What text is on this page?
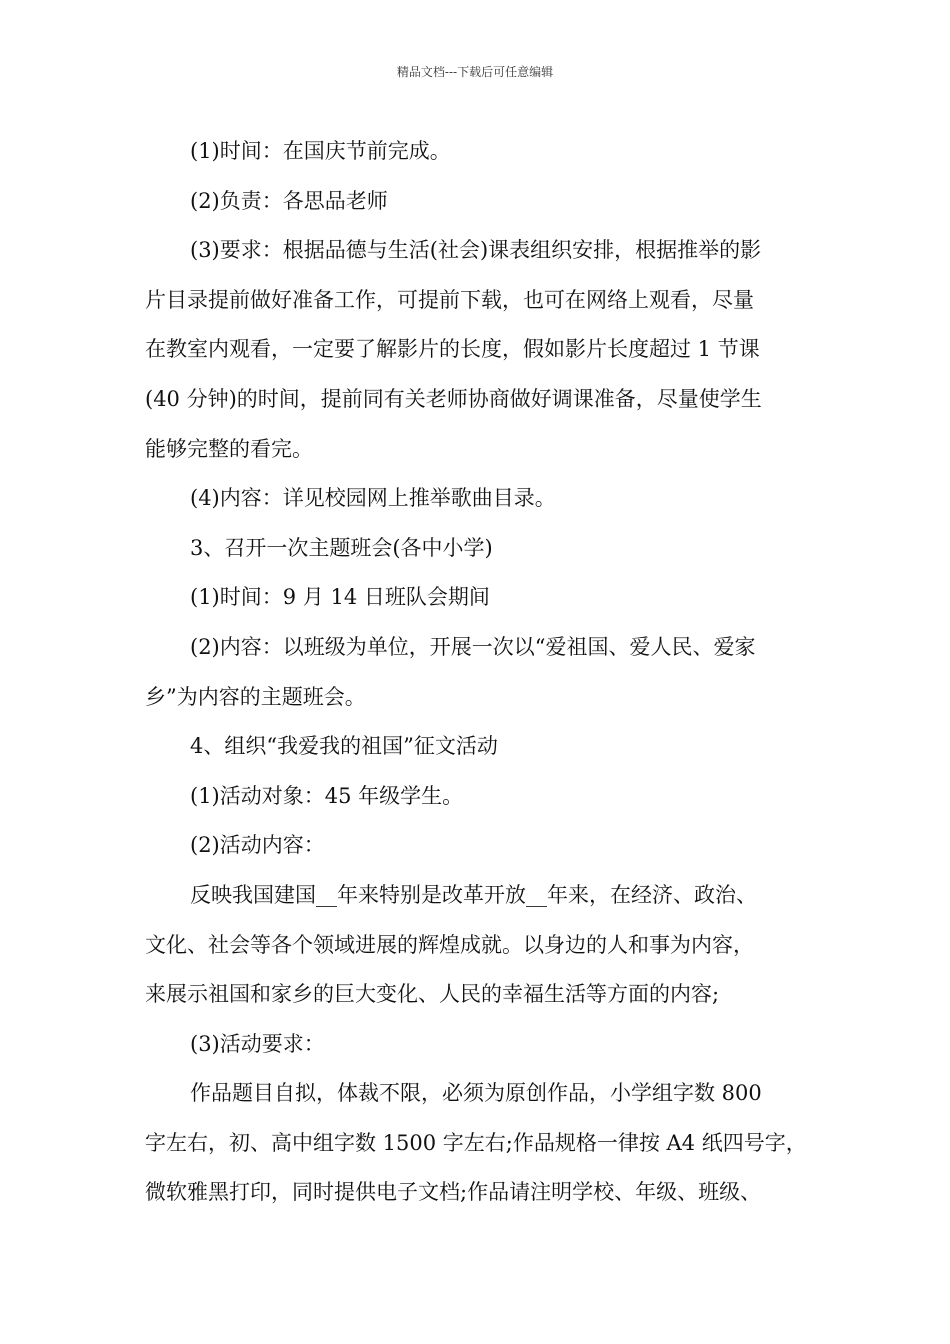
精品文档---下载后可任意编辑

(1)时间：在国庆节前完成。

(2)负责：各思品老师

(3)要求：根据品德与生活(社会)课表组织安排，根据推举的影

片目录提前做好准备工作，可提前下载，也可在网络上观看，尽量

在教室内观看，一定要了解影片的长度，假如影片长度超过 1 节课

(40 分钟)的时间，提前同有关老师协商做好调课准备，尽量使学生

能够完整的看完。

(4)内容：详见校园网上推举歌曲目录。

3、召开一次主题班会(各中小学)

(1)时间：9 月 14 日班队会期间

(2)内容：以班级为单位，开展一次以“爱祖国、爱人民、爱家

乡”为内容的主题班会。

4、组织“我爱我的祖国”征文活动

(1)活动对象：45 年级学生。

(2)活动内容：

反映我国建国__年来特别是改革开放__年来，在经济、政治、

文化、社会等各个领域进展的辉煌成就。以身边的人和事为内容，

来展示祖国和家乡的巨大变化、人民的幸福生活等方面的内容;

(3)活动要求：

作品题目自拟，体裁不限，必须为原创作品，小学组字数 800

字左右，初、高中组字数 1500 字左右;作品规格一律按 A4 纸四号字，

微软雅黑打印，同时提供电子文档;作品请注明学校、年级、班级、
